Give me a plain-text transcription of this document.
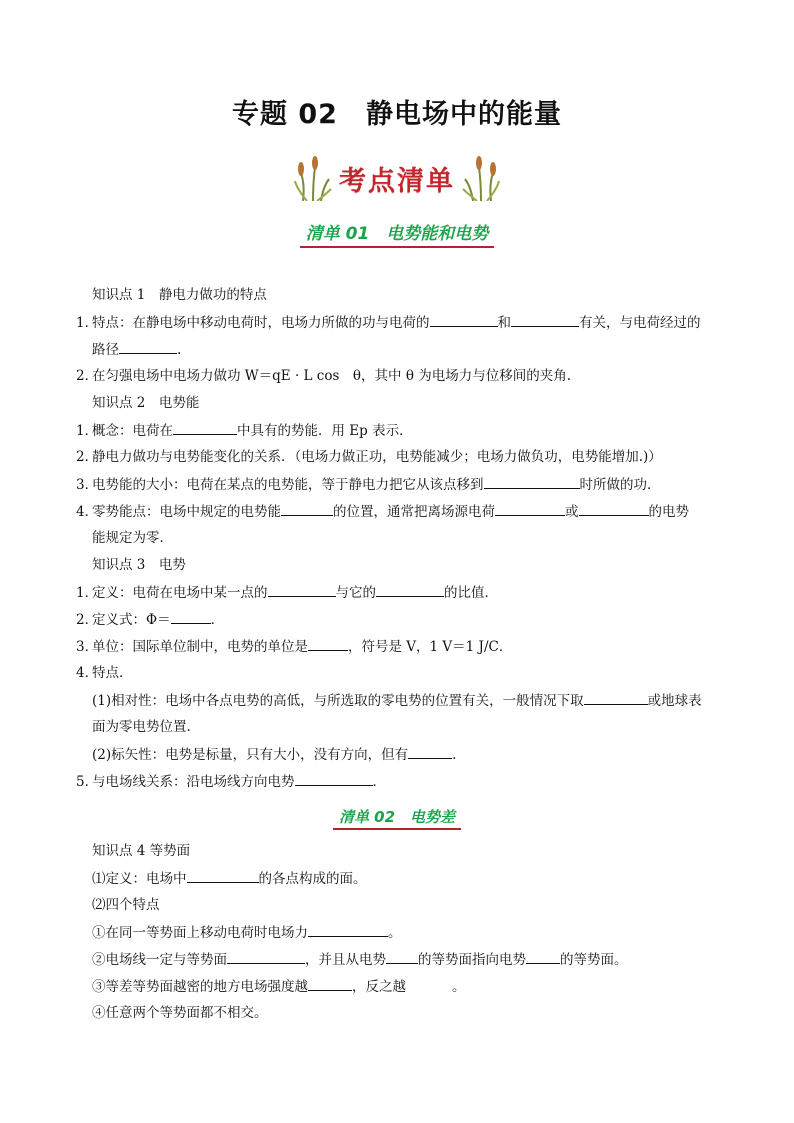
专题 02　静电场中的能量
考点清单
清单 01　电势能和电势
知识点 1　静电力做功的特点
1．特点：在静电场中移动电荷时，电场力所做的功与电荷的	和	有关，与电荷经过的
路径	.
2．在匀强电场中电场力做功 W＝qE · L cos　θ，其中 θ 为电场力与位移间的夹角.
知识点 2　电势能
1．概念：电荷在	中具有的势能．用 Ep 表示．
2．静电力做功与电势能变化的关系．（电场力做正功，电势能减少；电场力做负功，电势能增加.)）
3．电势能的大小：电荷在某点的电势能，等于静电力把它从该点移到	时所做的功．
4．零势能点：电场中规定的电势能	的位置，通常把离场源电荷	或	的电势
能规定为零．
知识点 3　电势
1．定义：电荷在电场中某一点的	与它的	的比值．
2．定义式：Φ＝	．
3．单位：国际单位制中，电势的单位是	，符号是 V，1 V＝1 J/C．
4．特点．
(1)相对性：电场中各点电势的高低，与所选取的零电势的位置有关，一般情况下取	或地球表
面为零电势位置.
(2)标矢性：电势是标量，只有大小，没有方向，但有	.
5．与电场线关系：沿电场线方向电势	．
清单 02　电势差
知识点 4 等势面
⑴定义：电场中	的各点构成的面。
⑵四个特点
①在同一等势面上移动电荷时电场力	。
②电场线一定与等势面	，并且从电势 的等势面指向电势	的等势面。
③等差等势面越密的地方电场强度越	，反之越	。
④任意两个等势面都不相交。
